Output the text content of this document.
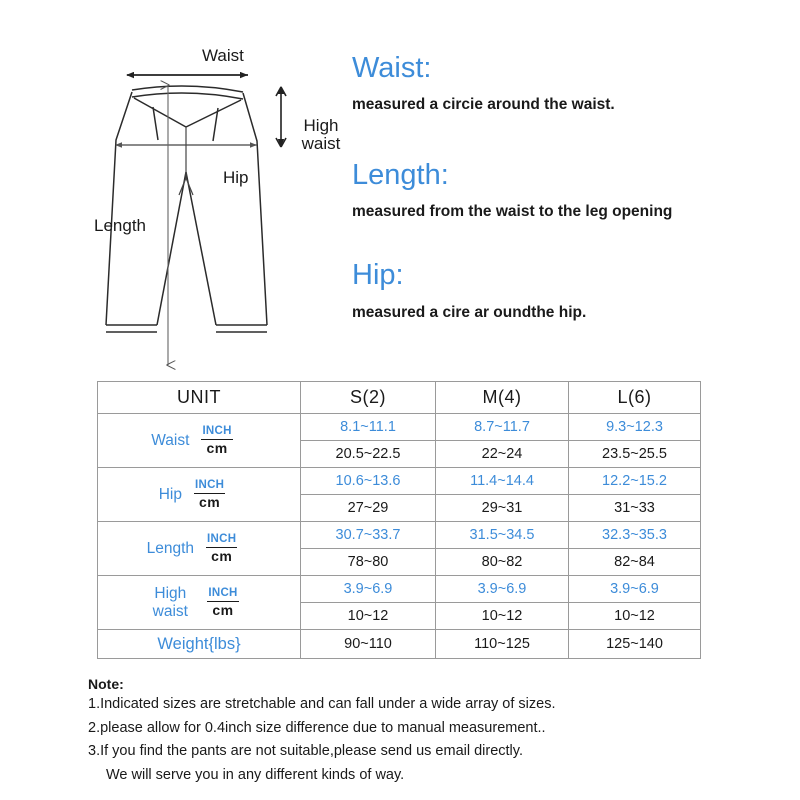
Waist
Hip
High waist
Length

Waist:

measured a circie around the waist.

Length:

measured from the waist to the leg opening

Hip:

measured a cire ar oundthe hip.

UNIT	S(2)	M(4)	L(6)

Waist $\frac{\text{INCH}}{cm}$	8.1~11.1	8.7~11.7	9.3~12.3
	20.5~22.5	22~24	23.5~25.5

Hip $\frac{\text{INCH}}{cm}$	10.6~13.6	11.4~14.4	12.2~15.2
	27~29	29~31	31~33

Length $\frac{\text{INCH}}{cm}$	30.7~33.7	31.5~34.5	32.3~35.3
	78~80	80~82	82~84

High waist $\frac{\text{INCH}}{cm}$	3.9~6.9	3.9~6.9	3.9~6.9
	10~12	10~12	10~12
Weight{lbs}	90~110	110~125	125~140

Note:

1.Indicated sizes are stretchable and can fall under a wide array of sizes.

2.please allow for 0.4inch size difference due to manual measurement..

3.If you find the pants are not suitable,please send us email directly.

We will serve you in any different kinds of way.
